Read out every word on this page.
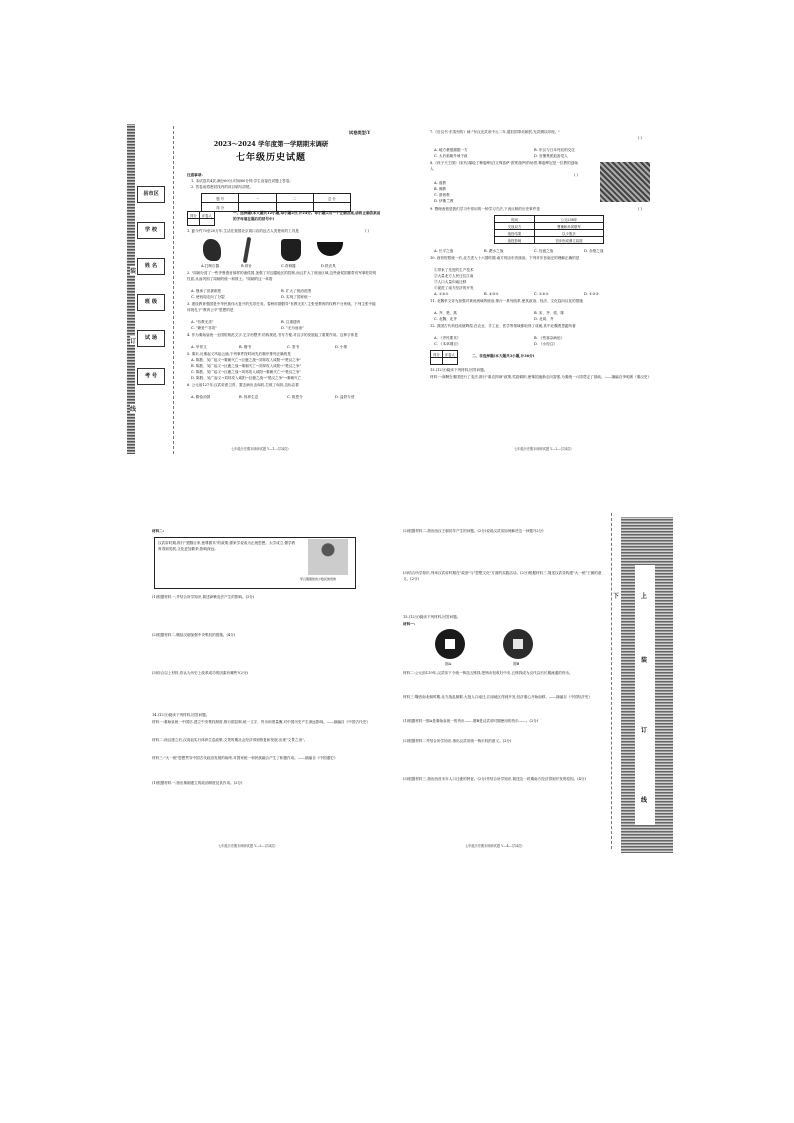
装
订
线
县市区
学 校
姓 名
班 级
试 场
考 号
试卷类型:Y
2023～2024 学年度第一学期期末调研
七年级历史试题
注意事项:
1. 本试卷共4页,满分60分,时间60分钟,学生直接在试题上答卷;
2. 答卷前将密封线内的项目填写清楚。
题 号	一	二	总 分
得 分			
得分	评卷人

一、选择题(本大题共12小题,每小题2分,计24分。每小题只有一个正确答案,请将正确答案前的字母填在题后的括号中)
1. 距今约70至20万年,生活在我国北京周口店的远古人类使用的工具是	( )
A.打制石器	B.骨针	C.青铜器	D.铁农具
2. "周朝分封了一些齐鲁燕晋那样的诸侯国,加强了对边疆地区的控制,而且扩大了统治区域,这些诸侯国都带有军事驻防的性质,从而巩固了周朝的统一和领土。"周朝的这一举措
A. 继承了世袭制度	B. 扩大了统治范围
C. 使西周走向了分裂	D. 实现了国家统一
3. 建设教育强国是中华民族伟大复兴的先导任务。春秋时期倡导"有教无类",主张受教育的权利不分贵贱。下列主张中能体现孔子"教育公平"思想的是
A. "有教无类"	B. 注重德育
C. "兼爱""非攻"	D. "无为而治"
4. 作为秦始皇统一全国的规范文字,它字形整齐,结构规范,书写方便,对汉字的发展起了重要作用。这种字体是
A. 甲骨文	B. 楷书	C. 隶书	D. 小篆
5. 秦末,反秦起义风起云涌,下列事件按时间先后顺序排列正确的是
A. 陈胜、吴广起义→秦朝灭亡→巨鹿之战→刘邦攻入咸阳→"楚汉之争"
B. 陈胜、吴广起义→巨鹿之战→秦朝灭亡→刘邦攻入咸阳→"楚汉之争"
C. 陈胜、吴广起义→巨鹿之战→刘邦攻入咸阳→秦朝灭亡→"楚汉之争"
D. 陈胜、吴广起义→刘邦攻入咸阳→巨鹿之战→"楚汉之争"→秦朝灭亡
6. 公元前127年,汉武帝派卫青、霍去病出击匈奴,打败了匈奴,这标志着
A. 勤俭治国	B. 休养生息	C. 推恩令	D. 盐铁专营
七年级历史期末调研试题 Y—1—(共4页)
7.《后汉书·东夷列传》载:"东汉光武帝中元二年,倭奴国奉贡朝贺,光武赐以印绶。"
( )
A. 地方豪强割据一方	B. 东汉与日本列岛的交往
C. 太后临朝外戚干政	D. 官僚集团迫害党人
8.《孩子天王图》(宋代)描绘了释迦牟尼(文殊菩萨·普贤菩萨)的场景,释迦牟尼是一位教的创始人
( )
A. 道教
B. 佛教
C. 基督教
D. 伊斯兰教
9. 整理表格是我们学习中常用的一种学习方法,下表反映的历史事件是	( )
时间	公元208年
交战双方	曹操和孙刘联军
战役结果	以少胜多
战役影响	初步形成鼎立局面
A. 长平之战	B. 淝水之战	C. 官渡之战	D. 赤壁之战
10. 西晋短暂统一后,北方进入十六国时期,南方则由东晋统治。下列对东晋南迁的理解正确的是
①带来了先进的生产技术
②大量北方人民迁往江南
③人口大量向南迁移
④促进了南方经济的开发
A. ①②④	B. ②③④	C. ①②④	D. ①②③
11. 北魏孝文帝为加强对黄河流域的统治,推行一系列改革,使其政治、经济、文化趋向汉化的措施
A. 齐、楚、燕	B. 宋、齐、梁、陈
C. 北魏、北齐	D. 北周、齐
12. 我国古代科技成就辉煌,在农业、手工业、医学等领域都取得了成就,其中北魏贾思勰所著
A. 《齐民要术》	B. 《伤寒杂病论》
C. 《本草纲目》	D. 《水经注》
得分	评卷人
		二、非选择题(本大题共3小题,计36分)
13.(12分)阅读下列材料,回答问题。
材料一:商鞅在秦国进行了变法,推行"重农抑商"政策,奖励耕织,使秦国逐渐走向富强,为秦统一六国奠定了基础。——摘编自李明著《秦汉史》
七年级历史期末调研试题 Y—2—(共4页)
材料二:
汉武帝时期,推行"罢黜百家,独尊儒术"的政策,儒家学说成为正统思想。太学成立,儒学教育得到发展,文化更加繁荣,影响深远。
穿汉服服装的少数民族贵族
(1)根据材料一,并结合所学知识,简述商鞅变法产生的影响。(2分)
(2)根据材料二,概括汉朝加强中央集权的措施。(4分)
(3)综合以上材料,你认为历史上改革成功的因素有哪些?(2分)
14.(12分)阅读下列材料,回答问题。
材料一:秦始皇统一中国后,建立中央集权制度,推行郡县制,统一文字、货币和度量衡,对中国历史产生深远影响。——摘编自《中国古代史》
材料二:西汉建立后,汉高祖实行休养生息政策,文景时期社会经济得到恢复和发展,出现"文景之治"。
材料三:"大一统"思想贯穿中国古代政治发展的始终,对国家统一和民族融合产生了积极作用。——摘编自《中国通史》
(1)根据材料一,指出秦朝建立的政治制度及其作用。(2分)
七年级历史期末调研试题 Y—3—(共4页)
(2)根据材料二,指出西汉王朝初年产生的问题。(2分)说说汉武帝如何解决这一问题?(2分)
(3)结合所学知识,列举汉武帝时期在"政治"与"思想文化"方面的实践活动。(2分)根据材料三,简述汉武帝构建"大一统"王朝的意义。(2分)
15.(12分)阅读下列材料,回答问题。
材料一:
图A	图B
材料二:公元前119年,汉武帝下令统一铸造五铢钱,把铸币权收归中央,五铢钱成为汉代以后长期流通的货币。
材料三:魏晋南北朝时期,北方战乱频繁,大批人口南迁,江南地区得到开发,经济重心开始南移。——摘编自《中国经济史》
(1)根据材料一图A是秦始皇统一的货币——,图B是汉武帝时期使用的货币——。(2分)
(2)根据材料二并结合所学知识,指出汉武帝统一铸币权的意义。(2分)
(3)根据材料三,指出西晋末年人口迁徙的特征。(2分)并结合所学知识,简述这一时期南方经济得到开发的原因。(4分)
七年级历史期末调研试题 Y—4—(共4页)
下	上
装
订
线
